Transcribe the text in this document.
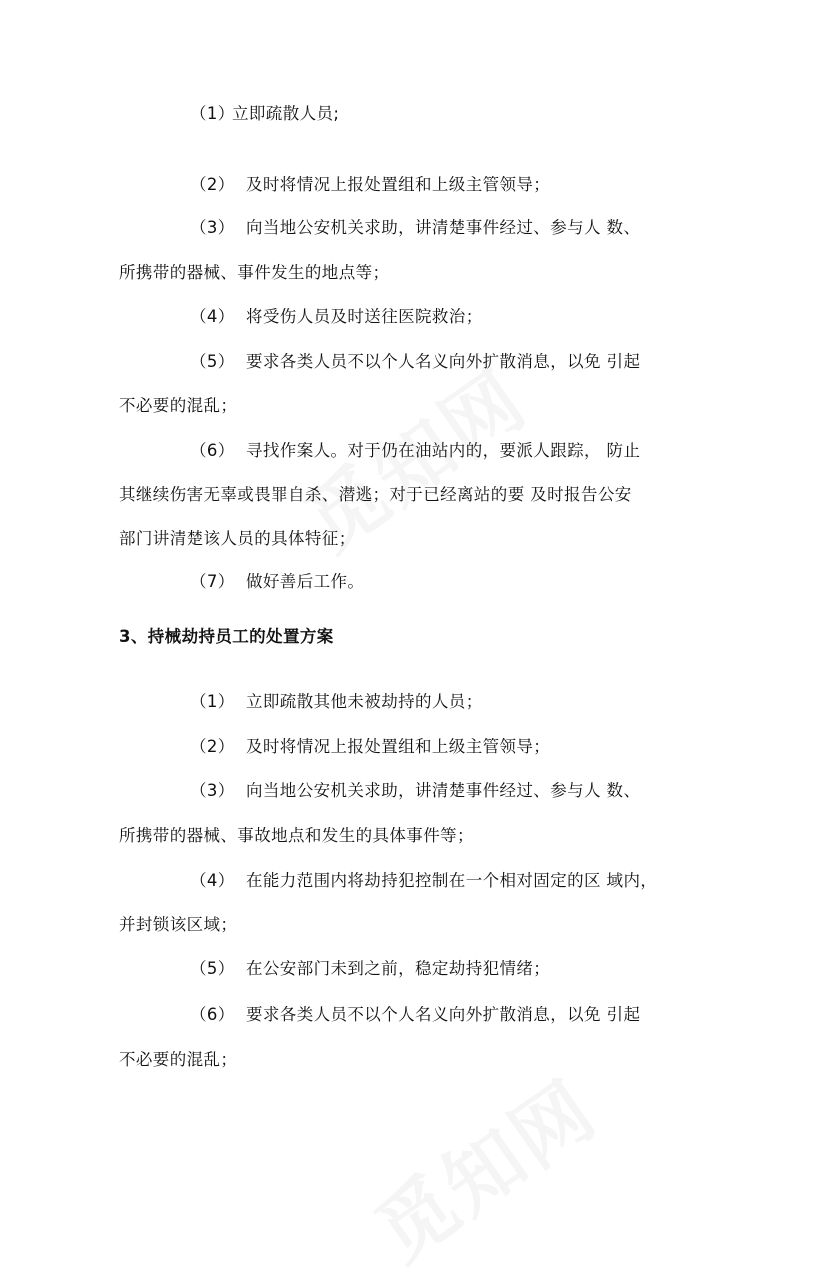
（1）
立即疏散人员;
（2） 及时将情况上报处置组和上级主管领导；
（3） 向当地公安机关求助，讲清楚事件经过、参与人 数、
所携带的器械、事件发生的地点等；
（4） 将受伤人员及时送往医院救治；
（5） 要求各类人员不以个人名义向外扩散消息，以免 引起
不必要的混乱；
（6） 寻找作案人。对于仍在油站内的，要派人跟踪， 防止
其继续伤害无辜或畏罪自杀、潜逃；对于已经离站的要 及时报告公安
部门讲清楚该人员的具体特征；
（7） 做好善后工作。
3、持械劫持员工的处置方案
（1） 立即疏散其他未被劫持的人员；
（2） 及时将情况上报处置组和上级主管领导；
（3） 向当地公安机关求助，讲清楚事件经过、参与人 数、
所携带的器械、事故地点和发生的具体事件等；
（4） 在能力范围内将劫持犯控制在一个相对固定的区 域内，
并封锁该区域；
（5） 在公安部门未到之前，稳定劫持犯情绪；
（6） 要求各类人员不以个人名义向外扩散消息，以免 引起
不必要的混乱；
